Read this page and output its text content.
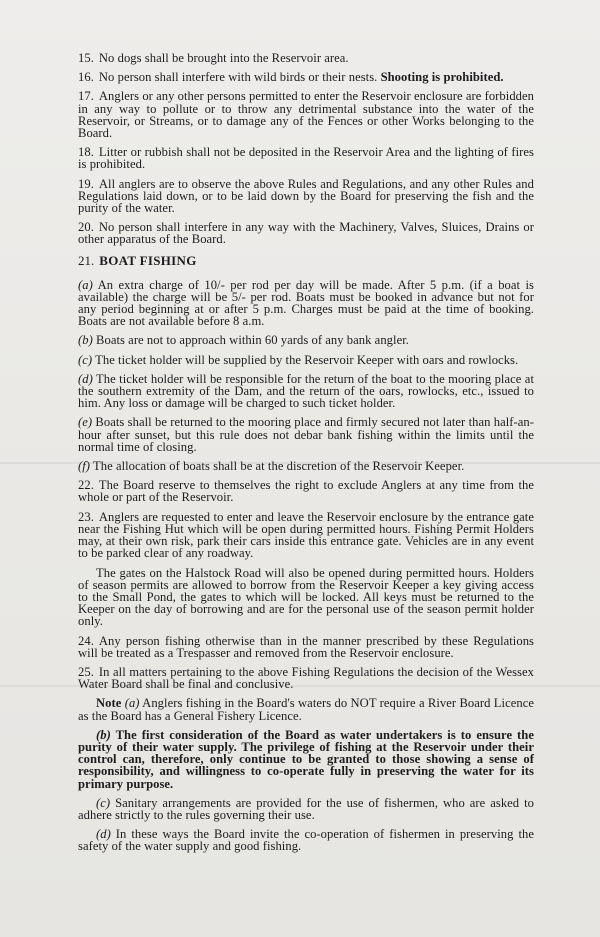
15. No dogs shall be brought into the Reservoir area.

16. No person shall interfere with wild birds or their nests. Shooting is prohibited.

17. Anglers or any other persons permitted to enter the Reservoir enclosure are forbidden in any way to pollute or to throw any detrimental substance into the water of the Reservoir, or Streams, or to damage any of the Fences or other Works belonging to the Board.

18. Litter or rubbish shall not be deposited in the Reservoir Area and the lighting of fires is prohibited.

19. All anglers are to observe the above Rules and Regulations, and any other Rules and Regulations laid down, or to be laid down by the Board for preserving the fish and the purity of the water.

20. No person shall interfere in any way with the Machinery, Valves, Sluices, Drains or other apparatus of the Board.

21. BOAT FISHING

(a) An extra charge of 10/- per rod per day will be made. After 5 p.m. (if a boat is available) the charge will be 5/- per rod. Boats must be booked in advance but not for any period beginning at or after 5 p.m. Charges must be paid at the time of booking. Boats are not available before 8 a.m.

(b) Boats are not to approach within 60 yards of any bank angler.

(c) The ticket holder will be supplied by the Reservoir Keeper with oars and rowlocks.

(d) The ticket holder will be responsible for the return of the boat to the mooring place at the southern extremity of the Dam, and the return of the oars, rowlocks, etc., issued to him. Any loss or damage will be charged to such ticket holder.

(e) Boats shall be returned to the mooring place and firmly secured not later than half-an-hour after sunset, but this rule does not debar bank fishing within the limits until the normal time of closing.

(f) The allocation of boats shall be at the discretion of the Reservoir Keeper.

22. The Board reserve to themselves the right to exclude Anglers at any time from the whole or part of the Reservoir.

23. Anglers are requested to enter and leave the Reservoir enclosure by the entrance gate near the Fishing Hut which will be open during permitted hours. Fishing Permit Holders may, at their own risk, park their cars inside this entrance gate. Vehicles are in any event to be parked clear of any roadway.

The gates on the Halstock Road will also be opened during permitted hours. Holders of season permits are allowed to borrow from the Reservoir Keeper a key giving access to the Small Pond, the gates to which will be locked. All keys must be returned to the Keeper on the day of borrowing and are for the personal use of the season permit holder only.

24. Any person fishing otherwise than in the manner prescribed by these Regulations will be treated as a Trespasser and removed from the Reservoir enclosure.

25. In all matters pertaining to the above Fishing Regulations the decision of the Wessex Water Board shall be final and conclusive.

Note (a) Anglers fishing in the Board's waters do NOT require a River Board Licence as the Board has a General Fishery Licence.

(b) The first consideration of the Board as water undertakers is to ensure the purity of their water supply. The privilege of fishing at the Reservoir under their control can, therefore, only continue to be granted to those showing a sense of responsibility, and willingness to co-operate fully in preserving the water for its primary purpose.

(c) Sanitary arrangements are provided for the use of fishermen, who are asked to adhere strictly to the rules governing their use.

(d) In these ways the Board invite the co-operation of fishermen in preserving the safety of the water supply and good fishing.
